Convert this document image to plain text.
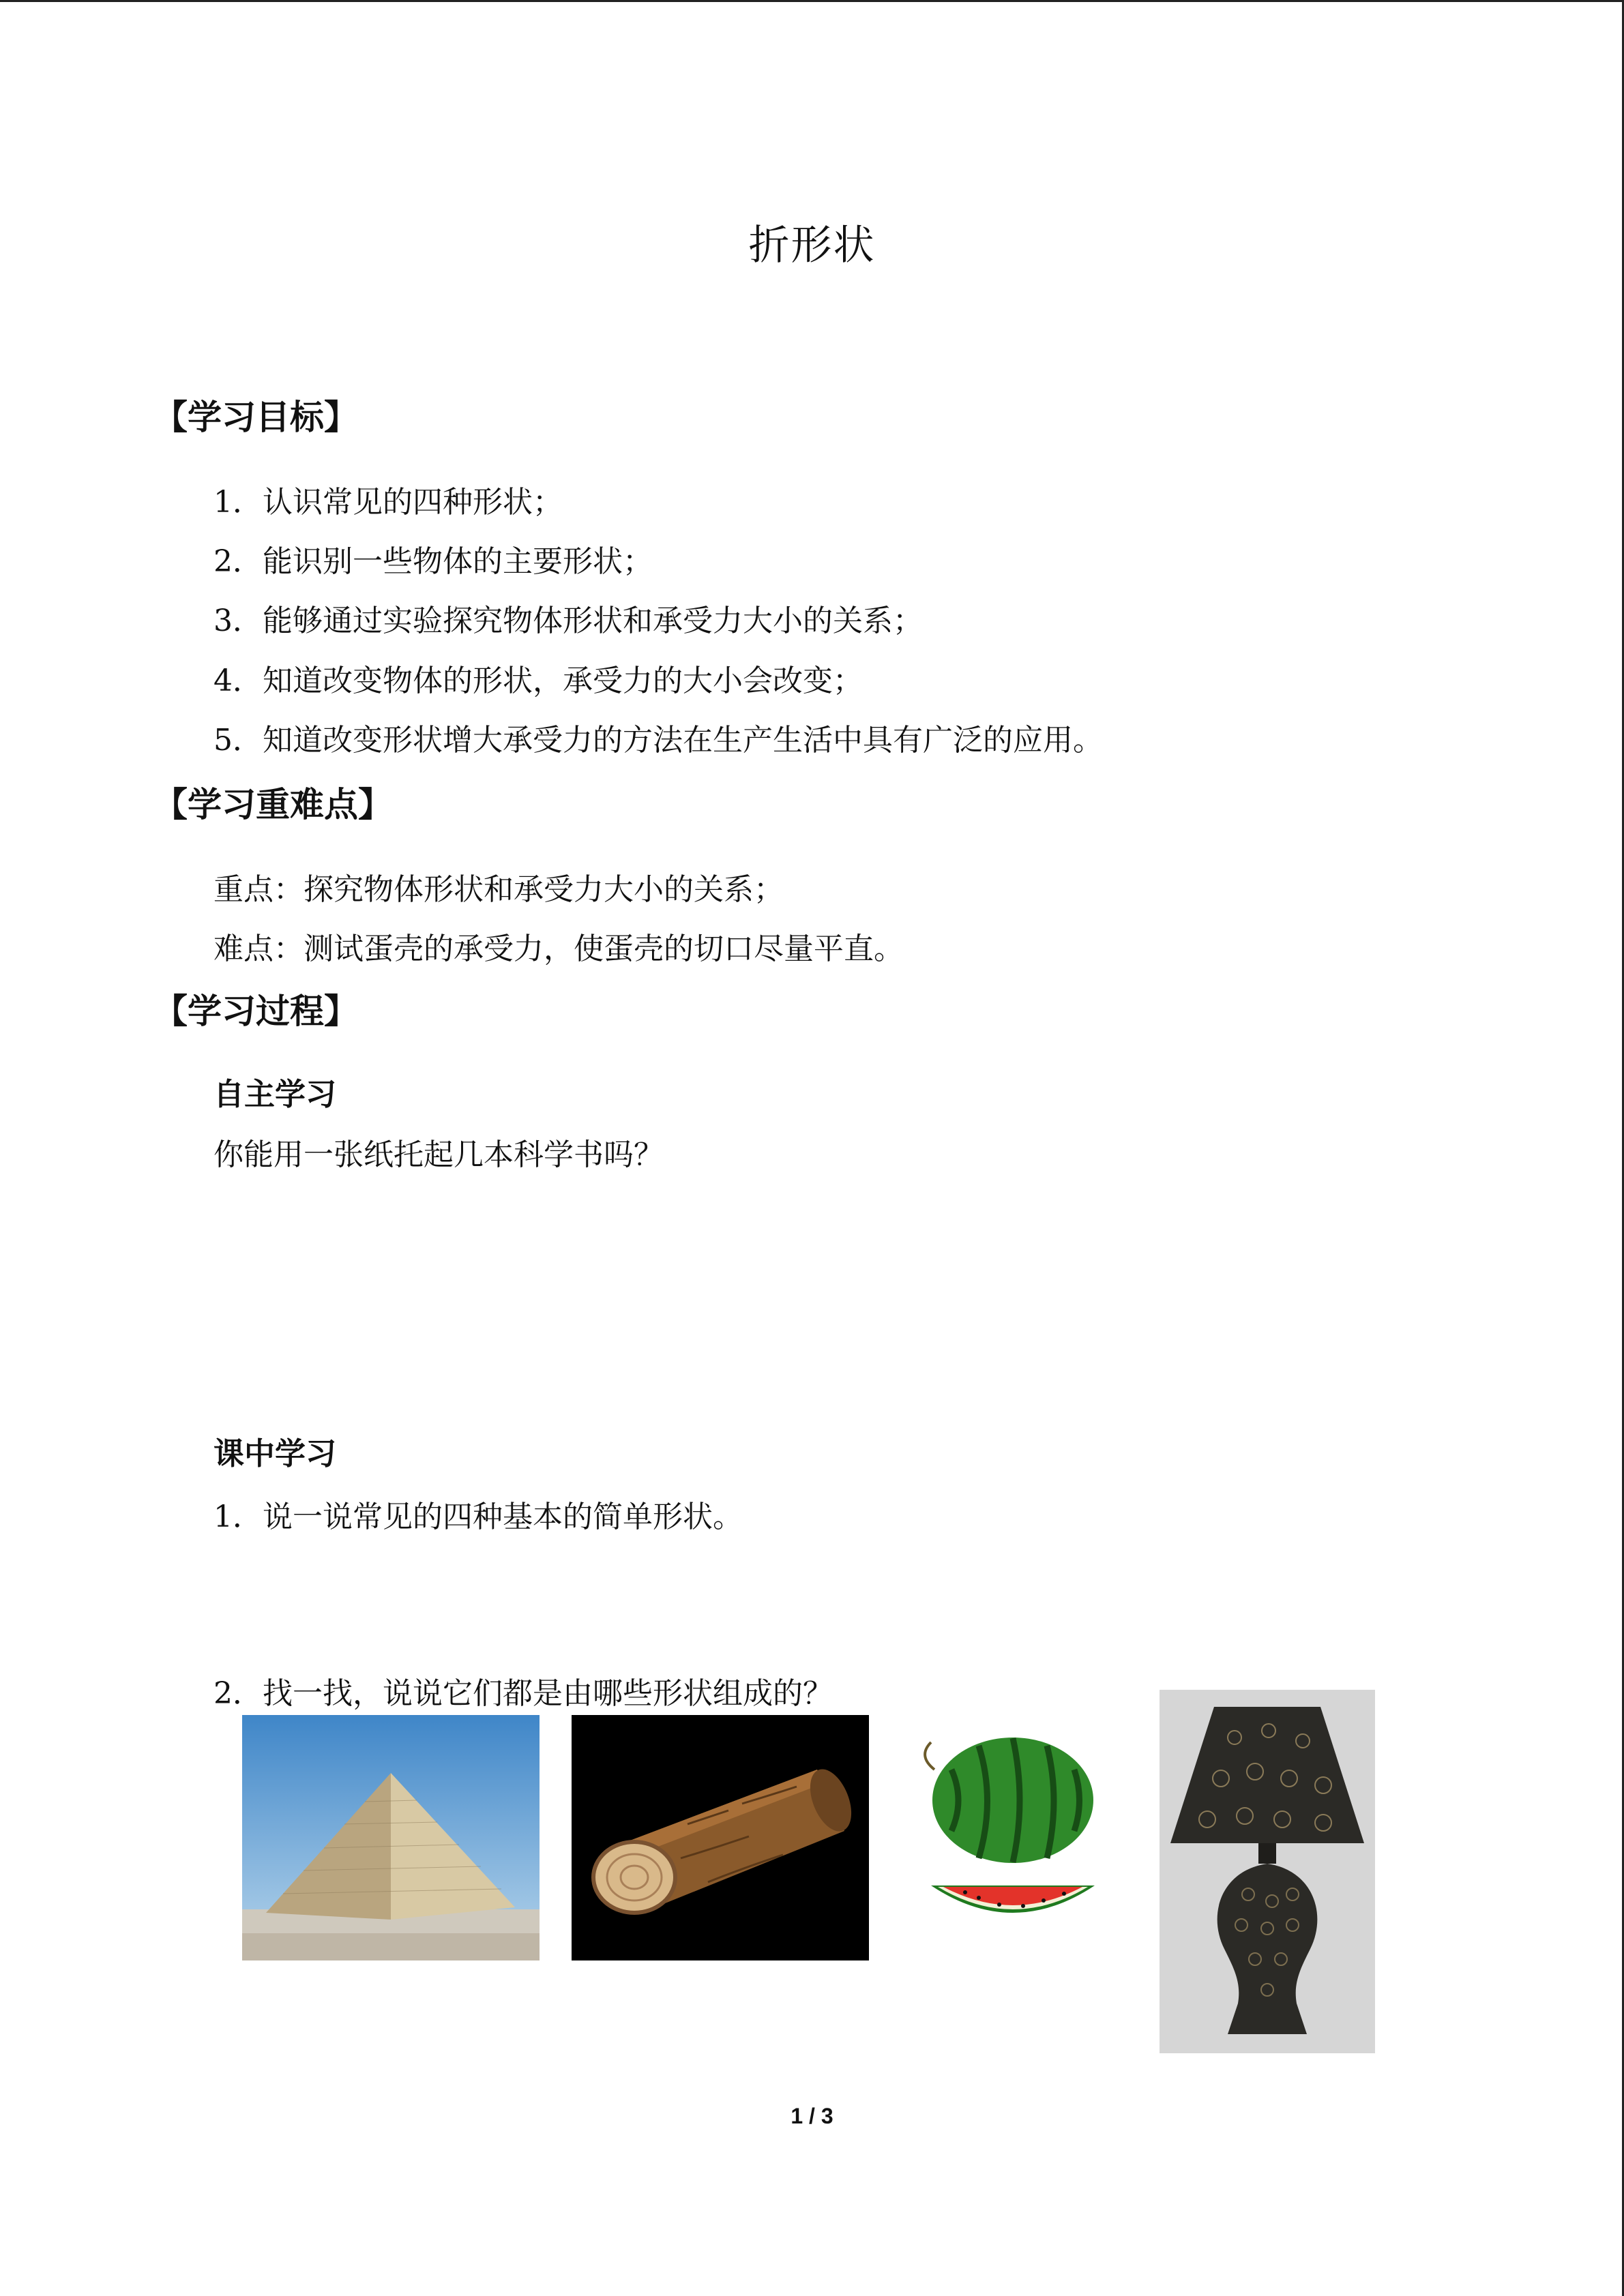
折形状
【学习目标】
1．认识常见的四种形状；
2．能识别一些物体的主要形状；
3．能够通过实验探究物体形状和承受力大小的关系；
4．知道改变物体的形状，承受力的大小会改变；
5．知道改变形状增大承受力的方法在生产生活中具有广泛的应用。
【学习重难点】
重点：探究物体形状和承受力大小的关系；
难点：测试蛋壳的承受力，使蛋壳的切口尽量平直。
【学习过程】
自主学习
你能用一张纸托起几本科学书吗？
课中学习
1．说一说常见的四种基本的简单形状。
2．找一找，说说它们都是由哪些形状组成的？
1 / 3
